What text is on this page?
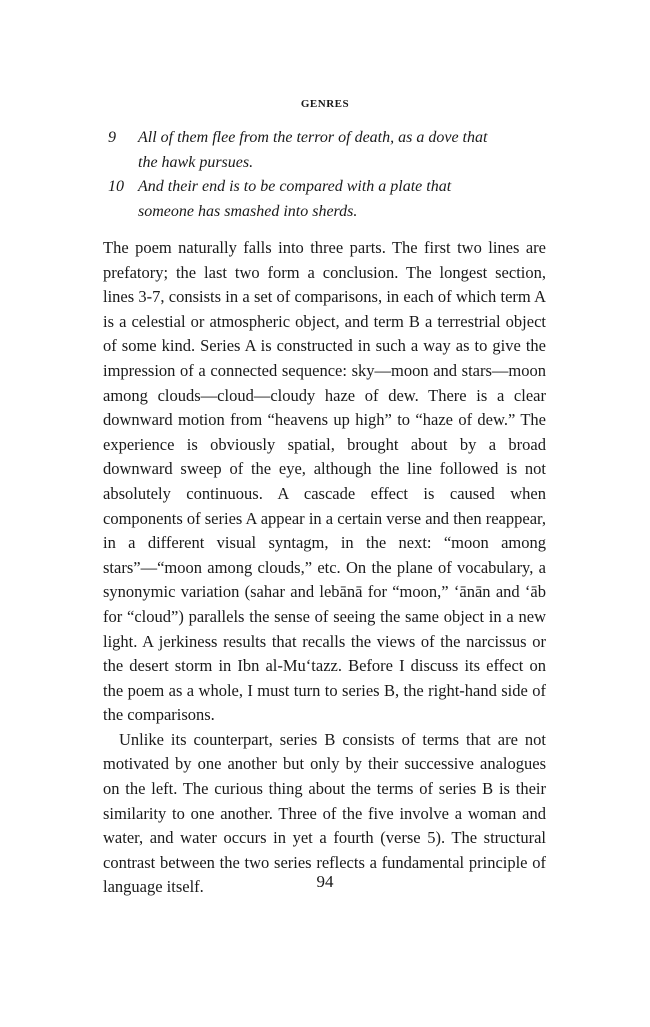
GENRES
9	All of them flee from the terror of death, as a dove that
the hawk pursues.
10 And their end is to be compared with a plate that
someone has smashed into sherds.

The poem naturally falls into three parts. The first two lines are prefatory; the last two form a conclusion. The longest section, lines 3-7, consists in a set of comparisons, in each of which term A is a celestial or atmospheric object, and term B a terrestrial object of some kind. Series A is constructed in such a way as to give the impression of a connected sequence: sky—moon and stars—moon among clouds—cloud—cloudy haze of dew. There is a clear downward motion from “heavens up high” to “haze of dew.” The experience is obviously spatial, brought about by a broad downward sweep of the eye, although the line followed is not absolutely continuous. A cascade effect is caused when components of series A appear in a certain verse and then reappear, in a different visual syntagm, in the next: “moon among stars”—“moon among clouds,” etc. On the plane of vocabulary, a synonymic variation (sahar and lebānā for “moon,” ‘ānān and ‘āb for “cloud”) parallels the sense of seeing the same object in a new light. A jerkiness results that recalls the views of the narcissus or the desert storm in Ibn al-Mu‘tazz. Before I discuss its effect on the poem as a whole, I must turn to series B, the right-hand side of the comparisons.

Unlike its counterpart, series B consists of terms that are not motivated by one another but only by their successive analogues on the left. The curious thing about the terms of series B is their similarity to one another. Three of the five involve a woman and water, and water occurs in yet a fourth (verse 5). The structural contrast between the two series reflects a fundamental principle of language itself.	94
